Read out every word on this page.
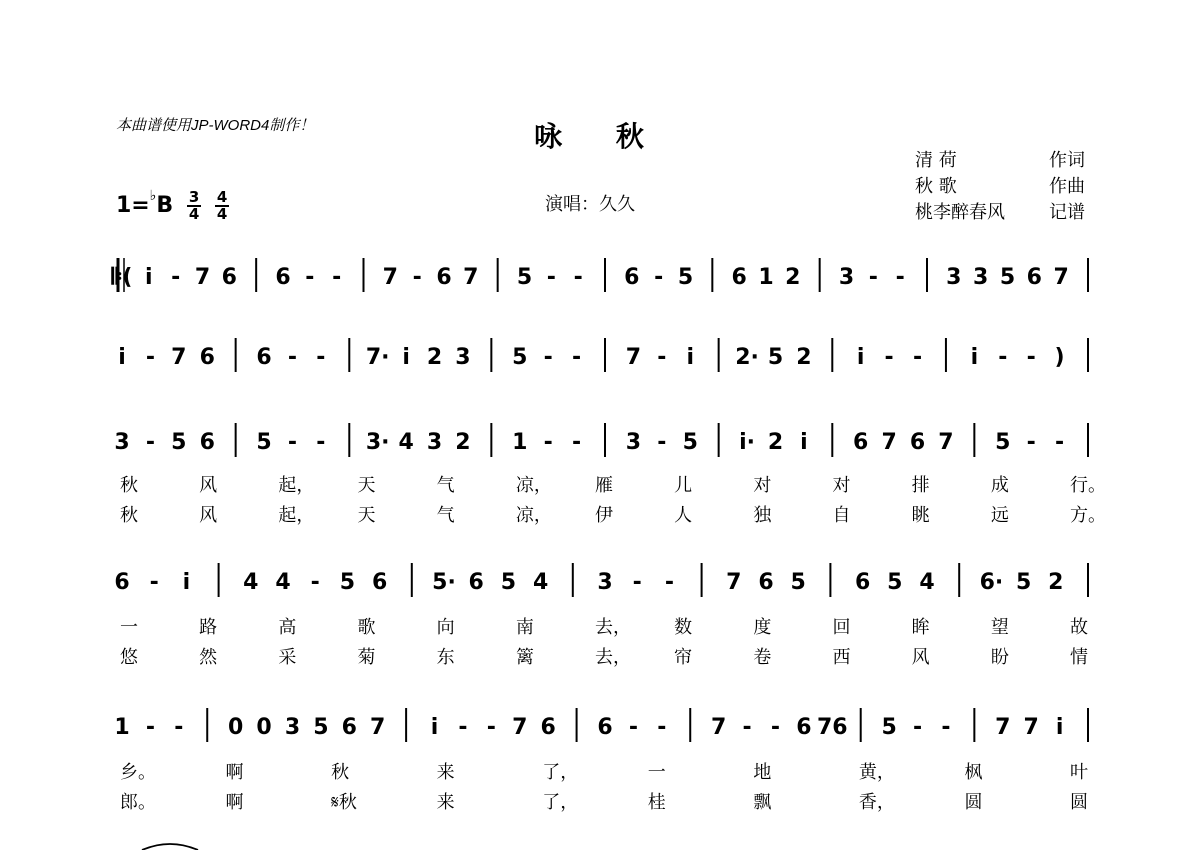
本曲谱使用JP-WORD4制作！	咏 秋
演唱：久久
清 荷	作词
秋 歌	作曲
桃李醉春风 记谱
$1=^♭B \frac{3}{4}$
$\frac{4}{4}$
𝄆( i - 7 6 6 - - 7 - 6 7 5 - - 6 - 5 6 1 2 3 - - 3 3 5 6 7
i - 7 6 6 - - 7· i 2 3 5 - - 7 - i 2· 5 2 i - - i - - )
3 - 5 6 5 - - 3· 4 3 2 1 - - 3 - 5 i· 2 i 6 7 6 7 5 - -
秋	风	起， 天	气	凉， 雁	儿	对	对	排	成	行。
秋	风	起， 天	气	凉， 伊	人	独	自	眺	远	方。
6 - i 4 4 - 5 6 5· 6 5 4 3 - - 7 6 5 6 5 4 6· 5 2
一	路	高	歌	向	南	去， 数	度	回	眸	望	故
悠	然	采	菊	东	篱	去， 帘	卷	西	风	盼	情
1 - - 0 0 3 5 6 7 i - - 7 6 6 - - 7 - - 6 76 5 - - 7 7 i
乡。	啊	秋	来	了，	一	地	黄，	枫	叶
郎。	啊	𝄋秋	来	了，	桂	飘	香，	圆	圆
